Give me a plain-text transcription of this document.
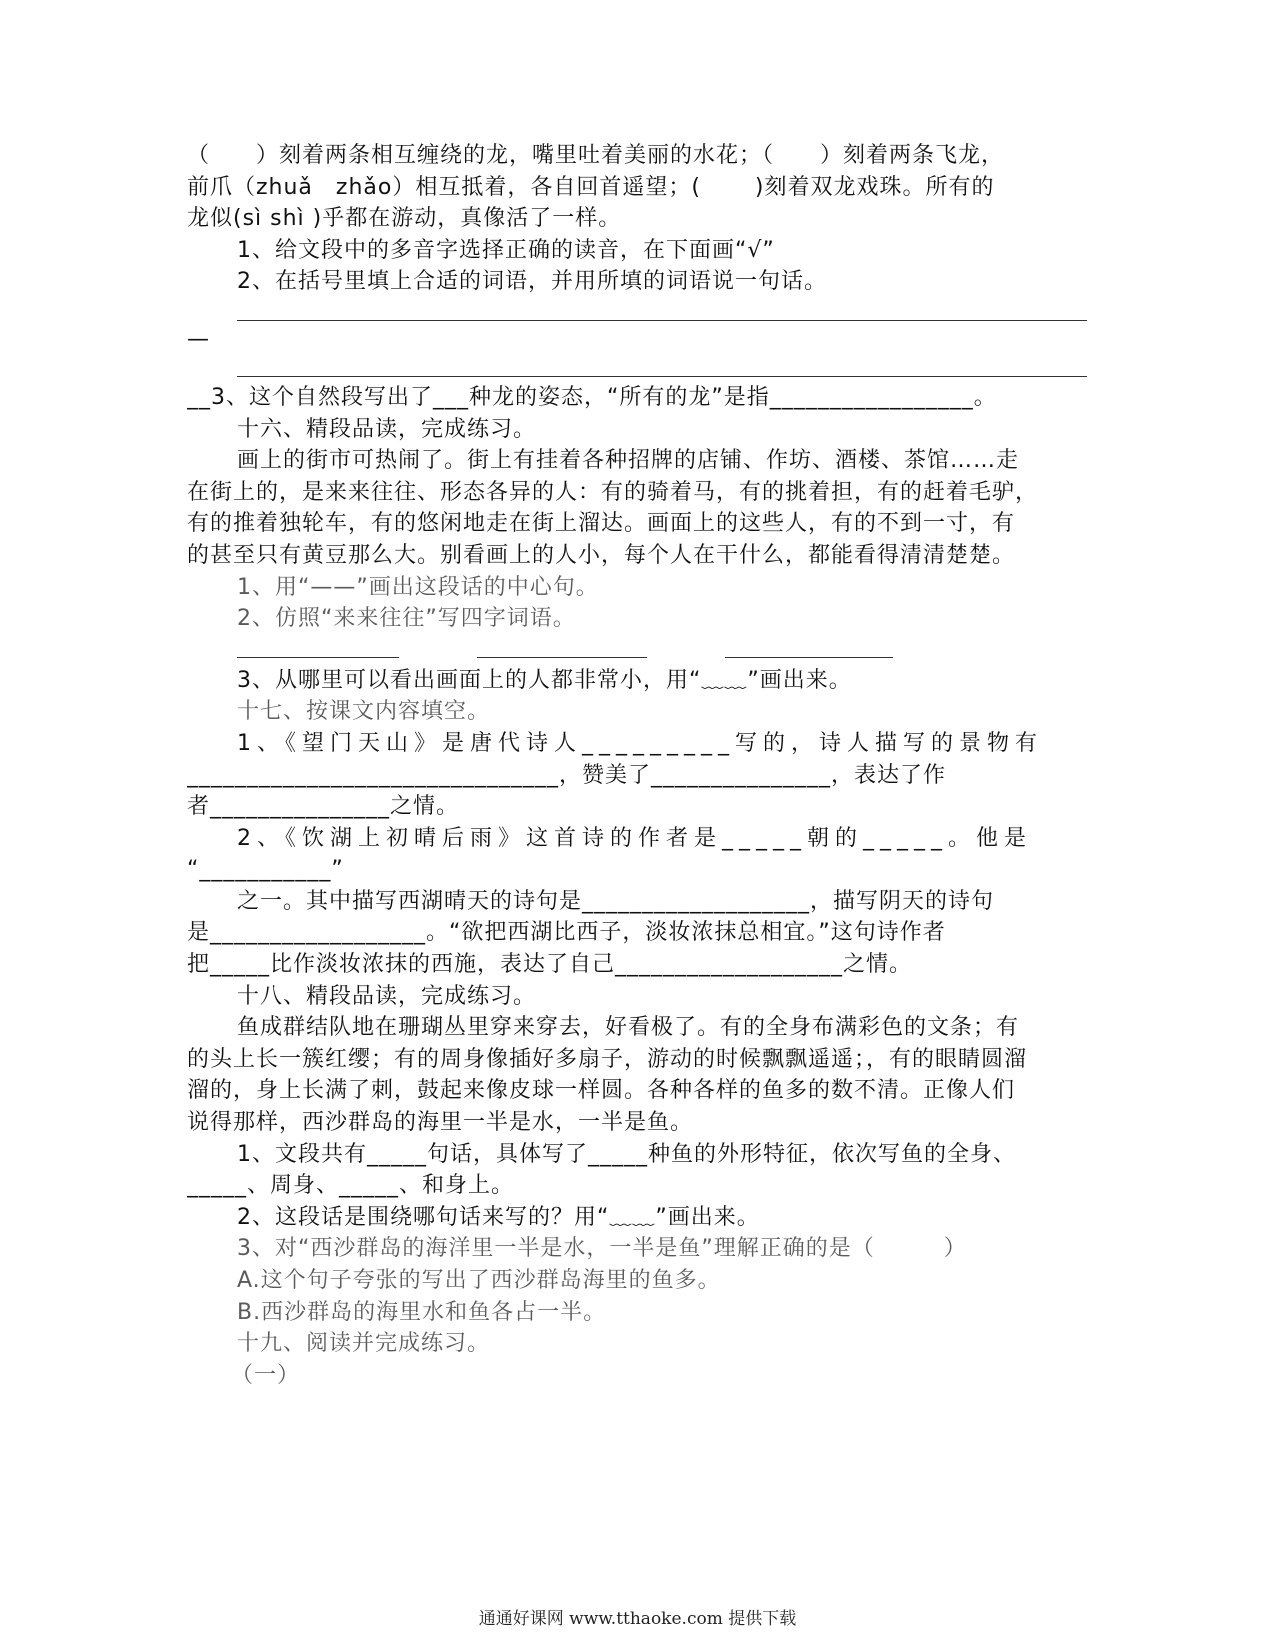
（　　）刻着两条相互缠绕的龙，嘴里吐着美丽的水花；（　　）刻着两条飞龙，
前爪（zhuǎ　zhǎo）相互抵着，各自回首遥望；(　　 )刻着双龙戏珠。所有的
龙似(sì shì )乎都在游动，真像活了一样。
1、给文段中的多音字选择正确的读音，在下面画“√”
2、在括号里填上合适的词语，并用所填的词语说一句话。
—
__3、这个自然段写出了___种龙的姿态，“所有的龙”是指_________________。
十六、精段品读，完成练习。
画上的街市可热闹了。街上有挂着各种招牌的店铺、作坊、酒楼、茶馆……走
在街上的，是来来往往、形态各异的人：有的骑着马，有的挑着担，有的赶着毛驴，
有的推着独轮车，有的悠闲地走在街上溜达。画面上的这些人，有的不到一寸，有
的甚至只有黄豆那么大。别看画上的人小，每个人在干什么，都能看得清清楚楚。
1、用“——”画出这段话的中心句。
2、仿照“来来往往”写四字词语。
3、从哪里可以看出画面上的人都非常小，用“﹏﹏”画出来。
十七、按课文内容填空。
1、《望门天山》是唐代诗人_________写的，诗人描写的景物有
_______________________________，赞美了_______________，表达了作
者_______________之情。
2、《饮湖上初晴后雨》这首诗的作者是_____朝的_____。他是
“___________”
之一。其中描写西湖晴天的诗句是___________________，描写阴天的诗句
是__________________。“欲把西湖比西子，淡妆浓抹总相宜。”这句诗作者
把_____比作淡妆浓抹的西施，表达了自己___________________之情。
十八、精段品读，完成练习。
鱼成群结队地在珊瑚丛里穿来穿去，好看极了。有的全身布满彩色的文条；有
的头上长一簇红缨；有的周身像插好多扇子，游动的时候飘飘遥遥；，有的眼睛圆溜
溜的，身上长满了刺，鼓起来像皮球一样圆。各种各样的鱼多的数不清。正像人们
说得那样，西沙群岛的海里一半是水，一半是鱼。
1、文段共有_____句话，具体写了_____种鱼的外形特征，依次写鱼的全身、
_____、周身、_____、和身上。
2、这段话是围绕哪句话来写的？用“﹏﹏”画出来。
3、对“西沙群岛的海洋里一半是水，一半是鱼”理解正确的是（　　　）
A.这个句子夸张的写出了西沙群岛海里的鱼多。
B.西沙群岛的海里水和鱼各占一半。
十九、阅读并完成练习。
（一）
通通好课网 www.tthaoke.com 提供下载
